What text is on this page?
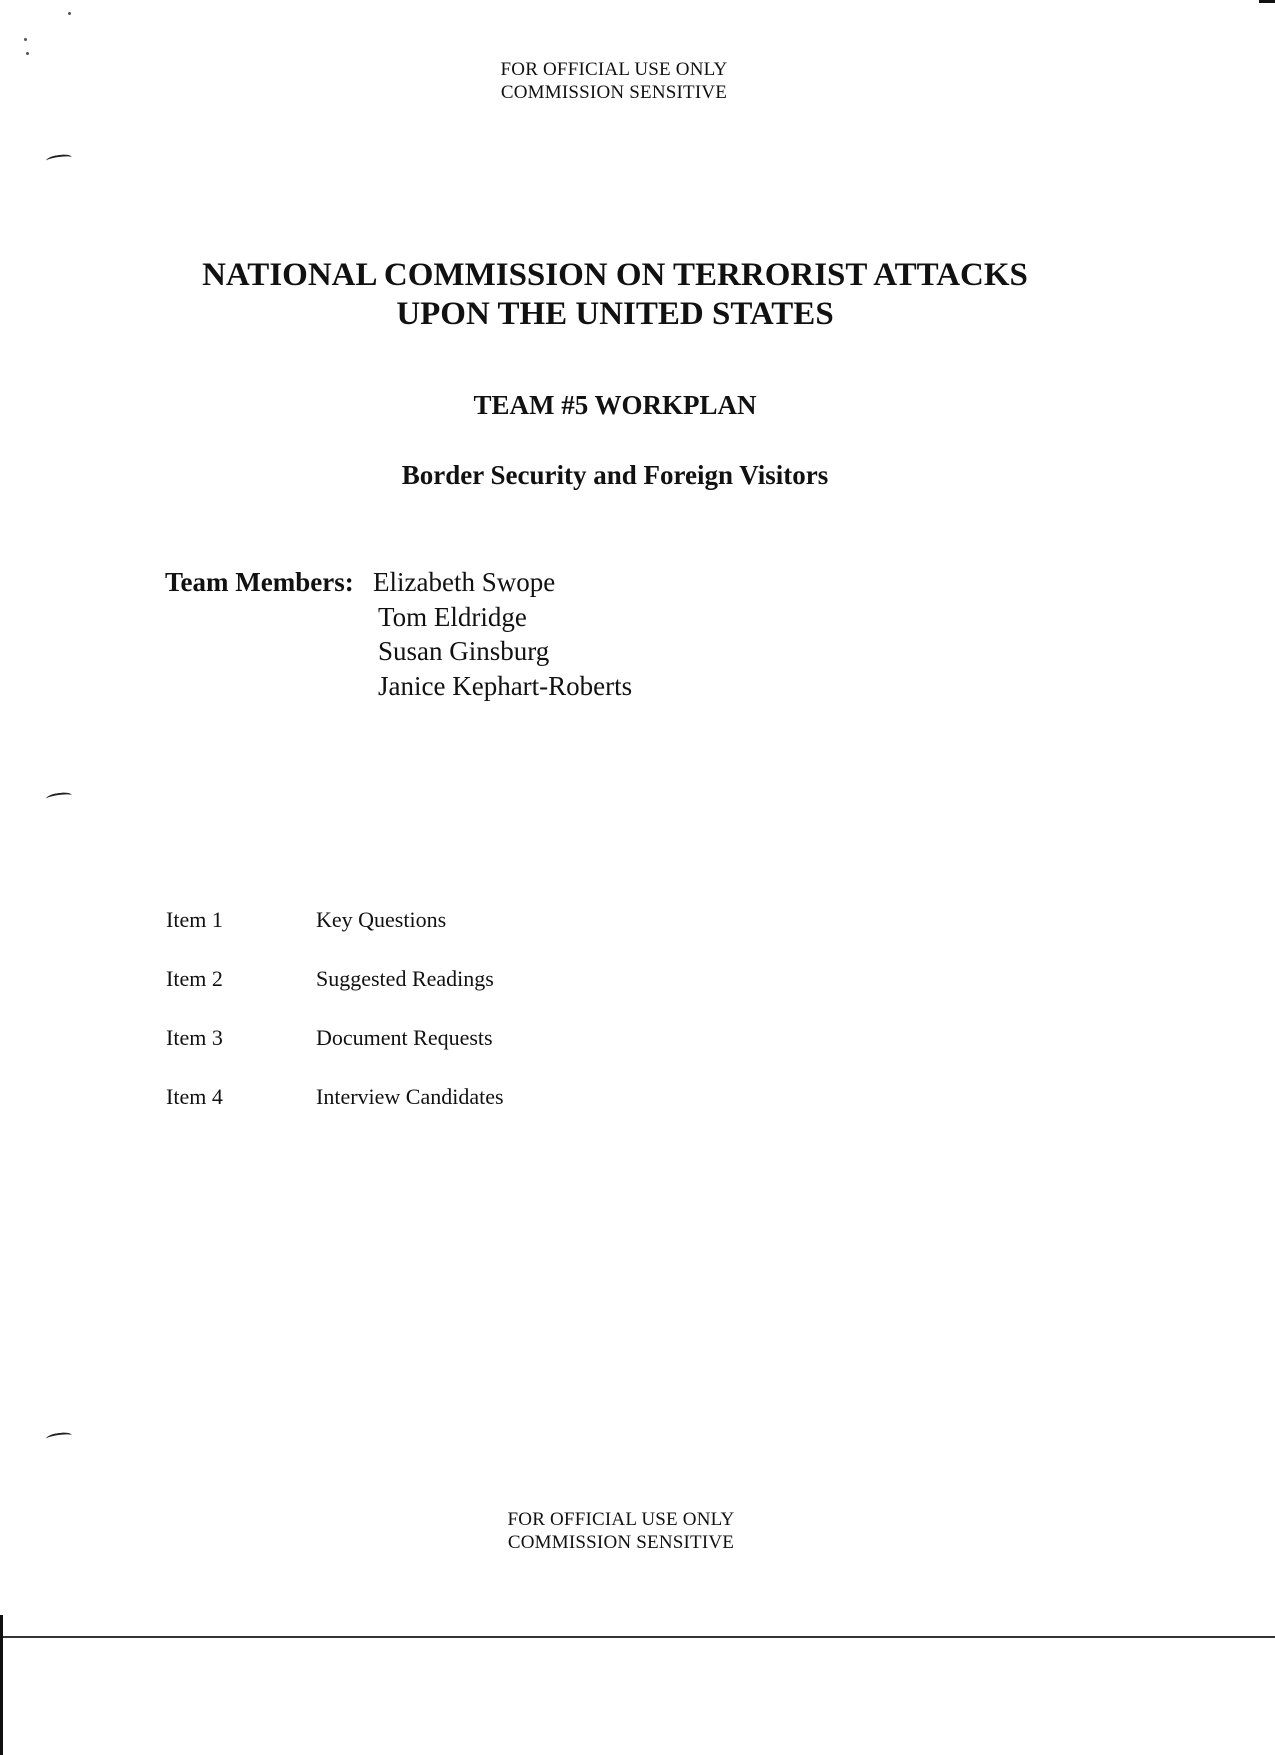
FOR OFFICIAL USE ONLY
COMMISSION SENSITIVE
NATIONAL COMMISSION ON TERRORIST ATTACKS
UPON THE UNITED STATES
TEAM #5 WORKPLAN
Border Security and Foreign Visitors
Team Members: Elizabeth Swope
Tom Eldridge
Susan Ginsburg
Janice Kephart-Roberts
Item 1	Key Questions
Item 2	Suggested Readings
Item 3	Document Requests
Item 4	Interview Candidates
FOR OFFICIAL USE ONLY
COMMISSION SENSITIVE
